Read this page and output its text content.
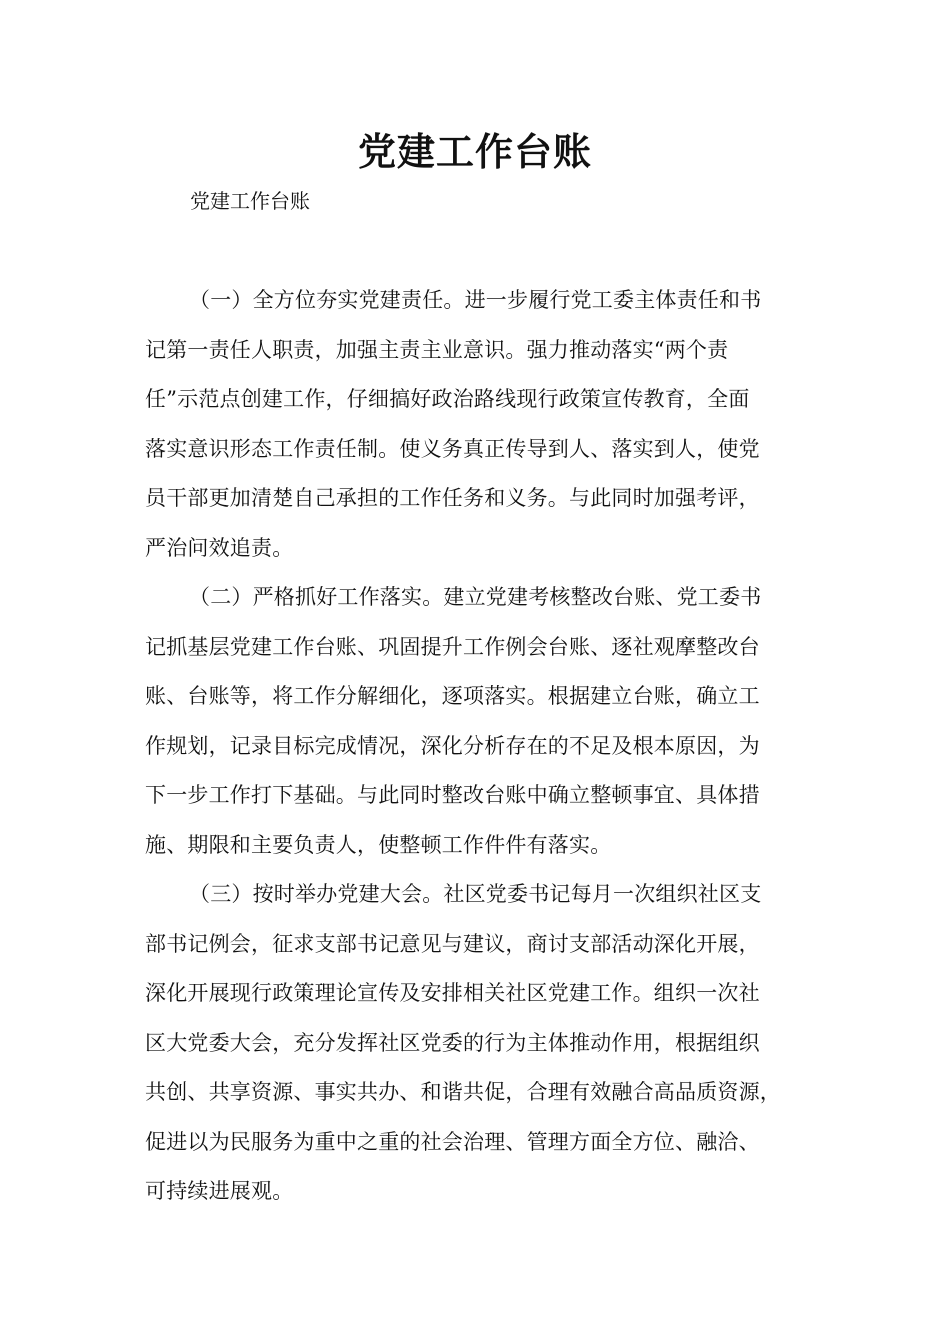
党建工作台账
党建工作台账
（一）全方位夯实党建责任。进一步履行党工委主体责任和书
记第一责任人职责，加强主责主业意识。强力推动落实“两个责
任”示范点创建工作，仔细搞好政治路线现行政策宣传教育，全面
落实意识形态工作责任制。使义务真正传导到人、落实到人，使党
员干部更加清楚自己承担的工作任务和义务。与此同时加强考评，
严治问效追责。
（二）严格抓好工作落实。建立党建考核整改台账、党工委书
记抓基层党建工作台账、巩固提升工作例会台账、逐社观摩整改台
账、台账等，将工作分解细化，逐项落实。根据建立台账，确立工
作规划，记录目标完成情况，深化分析存在的不足及根本原因，为
下一步工作打下基础。与此同时整改台账中确立整顿事宜、具体措
施、期限和主要负责人，使整顿工作件件有落实。
（三）按时举办党建大会。社区党委书记每月一次组织社区支
部书记例会，征求支部书记意见与建议，商讨支部活动深化开展，
深化开展现行政策理论宣传及安排相关社区党建工作。组织一次社
区大党委大会，充分发挥社区党委的行为主体推动作用，根据组织
共创、共享资源、事实共办、和谐共促，合理有效融合高品质资源，
促进以为民服务为重中之重的社会治理、管理方面全方位、融洽、
可持续进展观。
